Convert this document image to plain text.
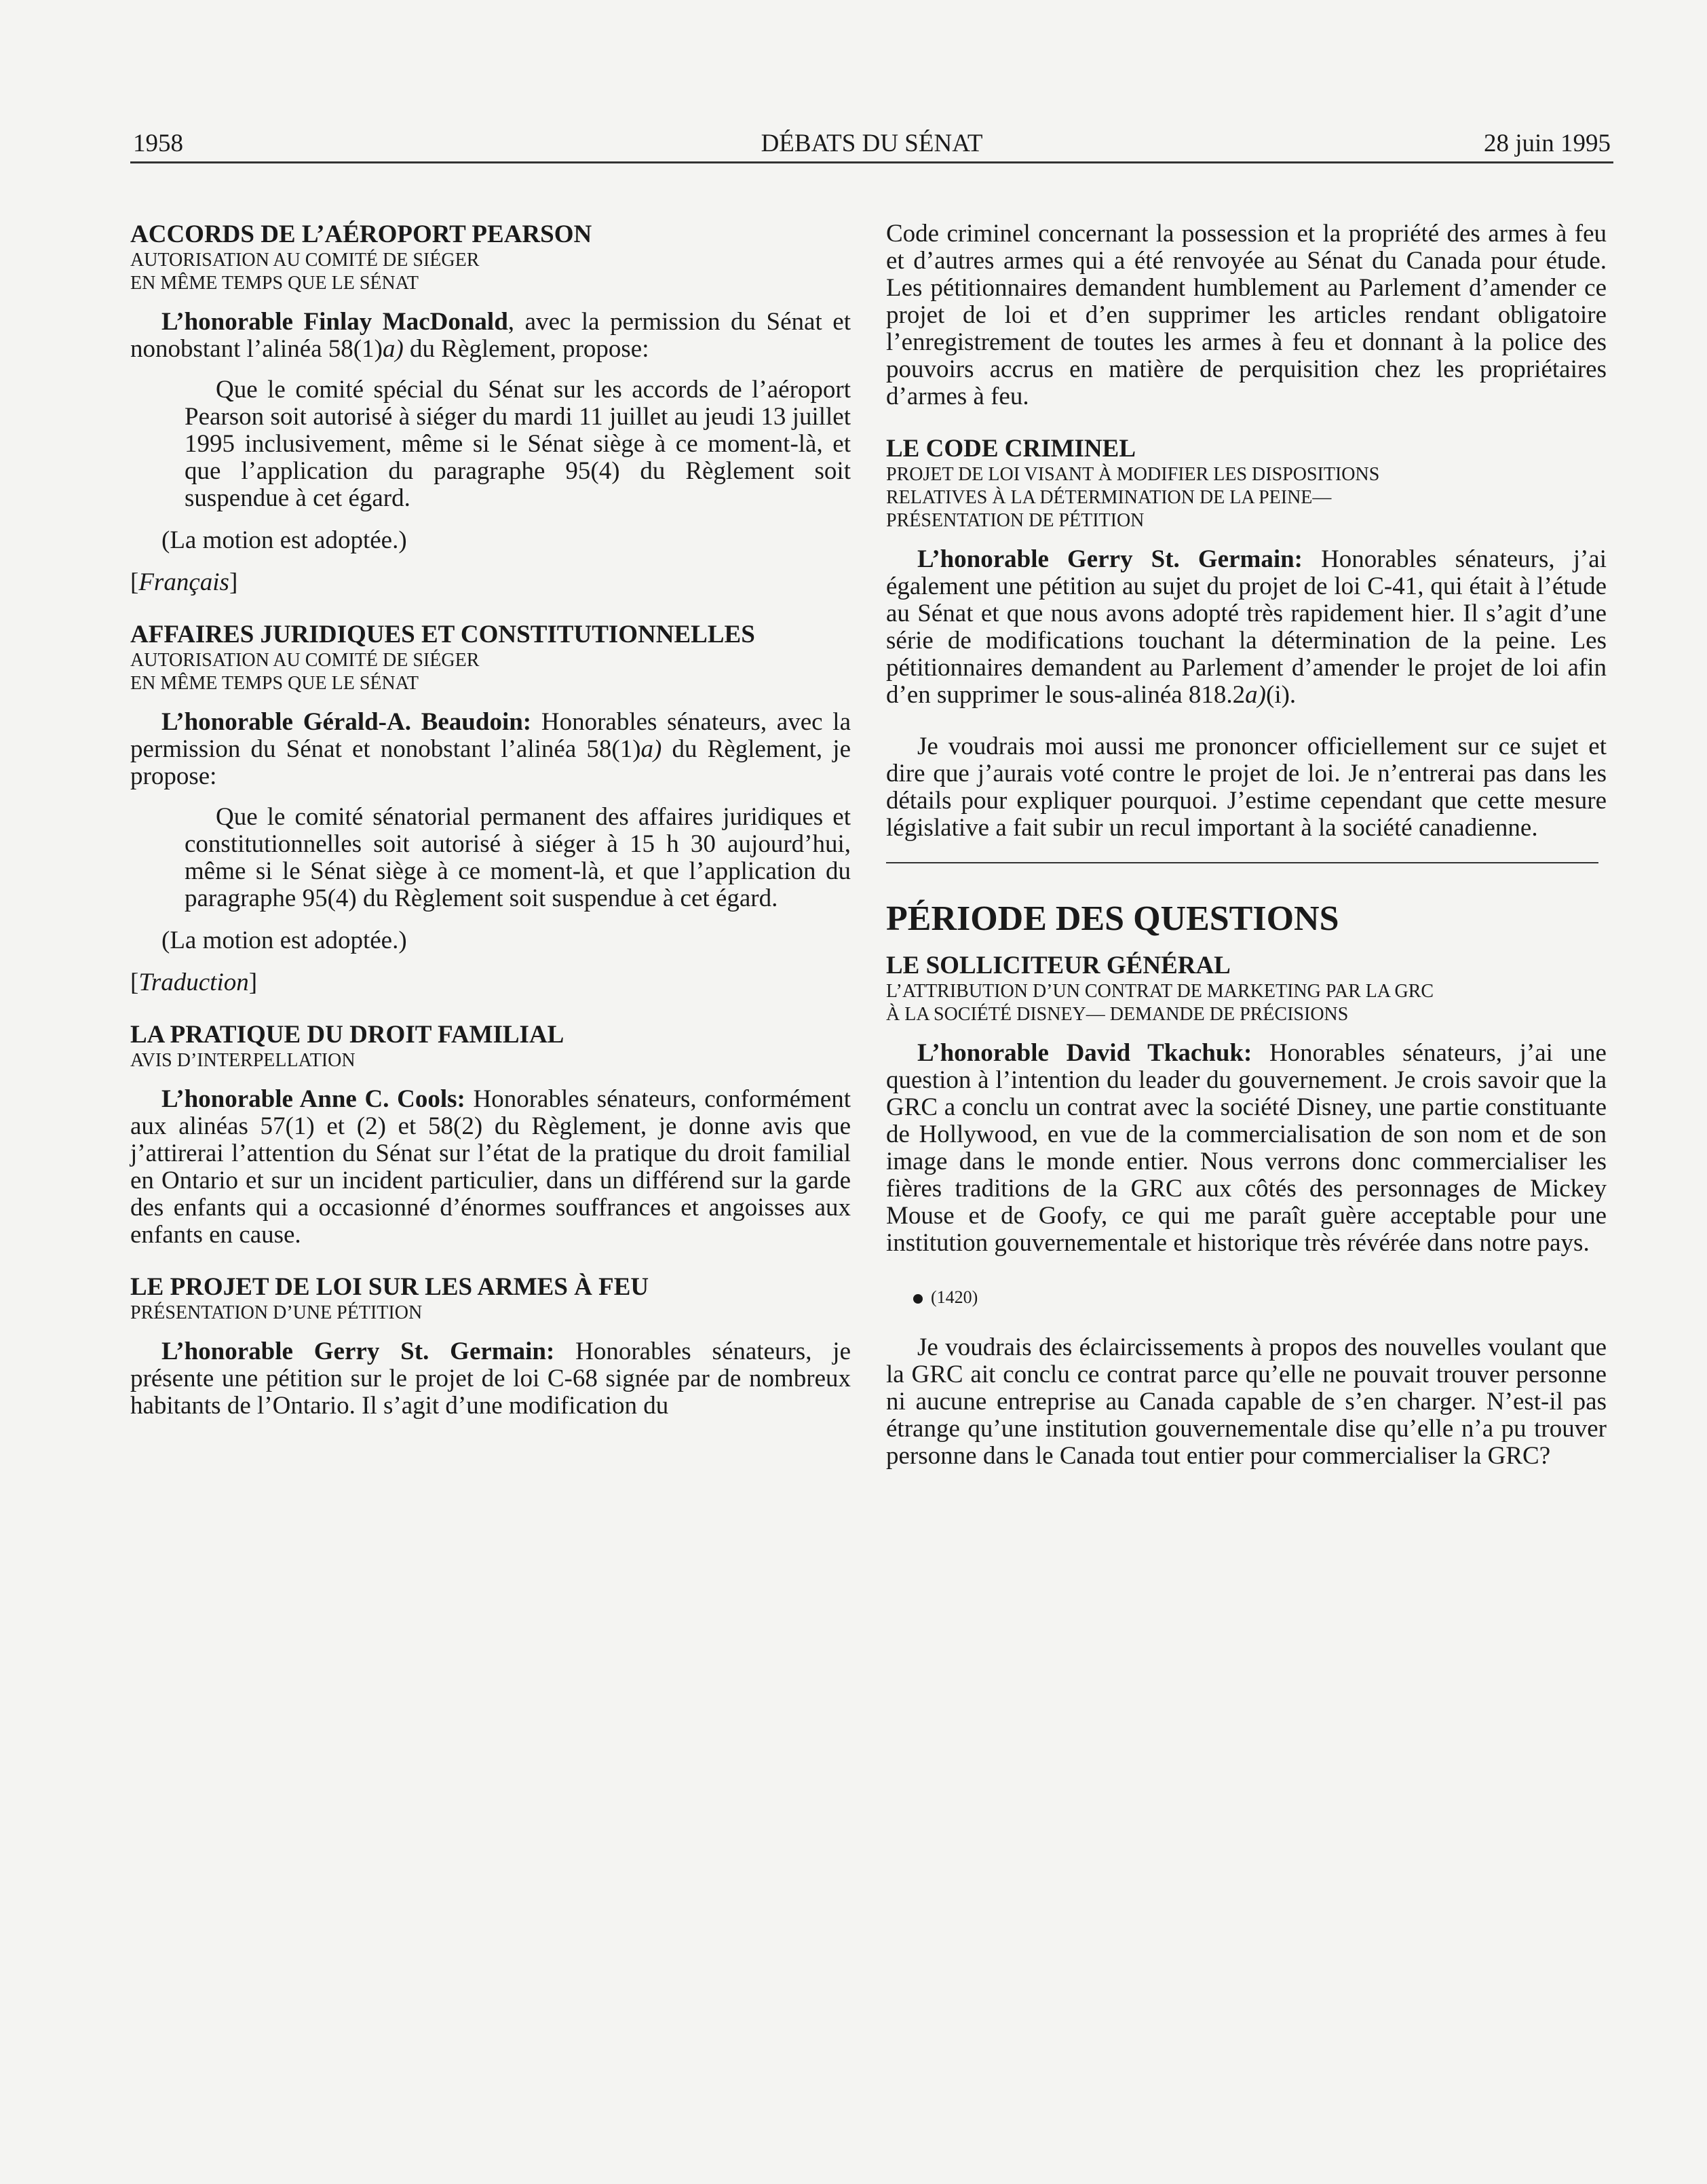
1958	DÉBATS DU SÉNAT	28 juin 1995

ACCORDS DE L’AÉROPORT PEARSON

AUTORISATION AU COMITÉ DE SIÉGER

EN MÊME TEMPS QUE LE SÉNAT

L’honorable Finlay MacDonald, avec la permission du Sénat et nonobstant l’alinéa 58(1)a) du Règlement, propose:

Que le comité spécial du Sénat sur les accords de l’aéroport Pearson soit autorisé à siéger du mardi 11 juillet au jeudi 13 juillet 1995 inclusivement, même si le Sénat siège à ce moment-là, et que l’application du paragraphe 95(4) du Règlement soit suspendue à cet égard.

(La motion est adoptée.)

[Français]

AFFAIRES JURIDIQUES ET CONSTITUTIONNELLES

AUTORISATION AU COMITÉ DE SIÉGER

EN MÊME TEMPS QUE LE SÉNAT

L’honorable Gérald-A. Beaudoin: Honorables sénateurs, avec la permission du Sénat et nonobstant l’alinéa 58(1)a) du Règlement, je propose:

Que le comité sénatorial permanent des affaires juridiques et constitutionnelles soit autorisé à siéger à 15 h 30 aujourd’hui, même si le Sénat siège à ce moment-là, et que l’application du paragraphe 95(4) du Règlement soit suspendue à cet égard.

(La motion est adoptée.)

[Traduction]

LA PRATIQUE DU DROIT FAMILIAL

AVIS D’INTERPELLATION

L’honorable Anne C. Cools: Honorables sénateurs, conformément aux alinéas 57(1) et (2) et 58(2) du Règlement, je donne avis que j’attirerai l’attention du Sénat sur l’état de la pratique du droit familial en Ontario et sur un incident particulier, dans un différend sur la garde des enfants qui a occasionné d’énormes souffrances et angoisses aux enfants en cause.

LE PROJET DE LOI SUR LES ARMES À FEU

PRÉSENTATION D’UNE PÉTITION

L’honorable Gerry St. Germain: Honorables sénateurs, je présente une pétition sur le projet de loi C-68 signée par de nombreux habitants de l’Ontario. Il s’agit d’une modification du

Code criminel concernant la possession et la propriété des armes à feu et d’autres armes qui a été renvoyée au Sénat du Canada pour étude. Les pétitionnaires demandent humblement au Parlement d’amender ce projet de loi et d’en supprimer les articles rendant obligatoire l’enregistrement de toutes les armes à feu et donnant à la police des pouvoirs accrus en matière de perquisition chez les propriétaires d’armes à feu.

LE CODE CRIMINEL

PROJET DE LOI VISANT À MODIFIER LES DISPOSITIONS

RELATIVES À LA DÉTERMINATION DE LA PEINE—

PRÉSENTATION DE PÉTITION

L’honorable Gerry St. Germain: Honorables sénateurs, j’ai également une pétition au sujet du projet de loi C-41, qui était à l’étude au Sénat et que nous avons adopté très rapidement hier. Il s’agit d’une série de modifications touchant la détermination de la peine. Les pétitionnaires demandent au Parlement d’amender le projet de loi afin d’en supprimer le sous-alinéa 818.2a)(i).

Je voudrais moi aussi me prononcer officiellement sur ce sujet et dire que j’aurais voté contre le projet de loi. Je n’entrerai pas dans les détails pour expliquer pourquoi. J’estime cependant que cette mesure législative a fait subir un recul important à la société canadienne.

PÉRIODE DES QUESTIONS

LE SOLLICITEUR GÉNÉRAL

L’ATTRIBUTION D’UN CONTRAT DE MARKETING PAR LA GRC

À LA SOCIÉTÉ DISNEY— DEMANDE DE PRÉCISIONS

L’honorable David Tkachuk: Honorables sénateurs, j’ai une question à l’intention du leader du gouvernement. Je crois savoir que la GRC a conclu un contrat avec la société Disney, une partie constituante de Hollywood, en vue de la commercialisation de son nom et de son image dans le monde entier. Nous verrons donc commercialiser les fières traditions de la GRC aux côtés des personnages de Mickey Mouse et de Goofy, ce qui me paraît guère acceptable pour une institution gouvernementale et historique très révérée dans notre pays.

(1420)

Je voudrais des éclaircissements à propos des nouvelles voulant que la GRC ait conclu ce contrat parce qu’elle ne pouvait trouver personne ni aucune entreprise au Canada capable de s’en charger. N’est-il pas étrange qu’une institution gouvernementale dise qu’elle n’a pu trouver personne dans le Canada tout entier pour commercialiser la GRC?
